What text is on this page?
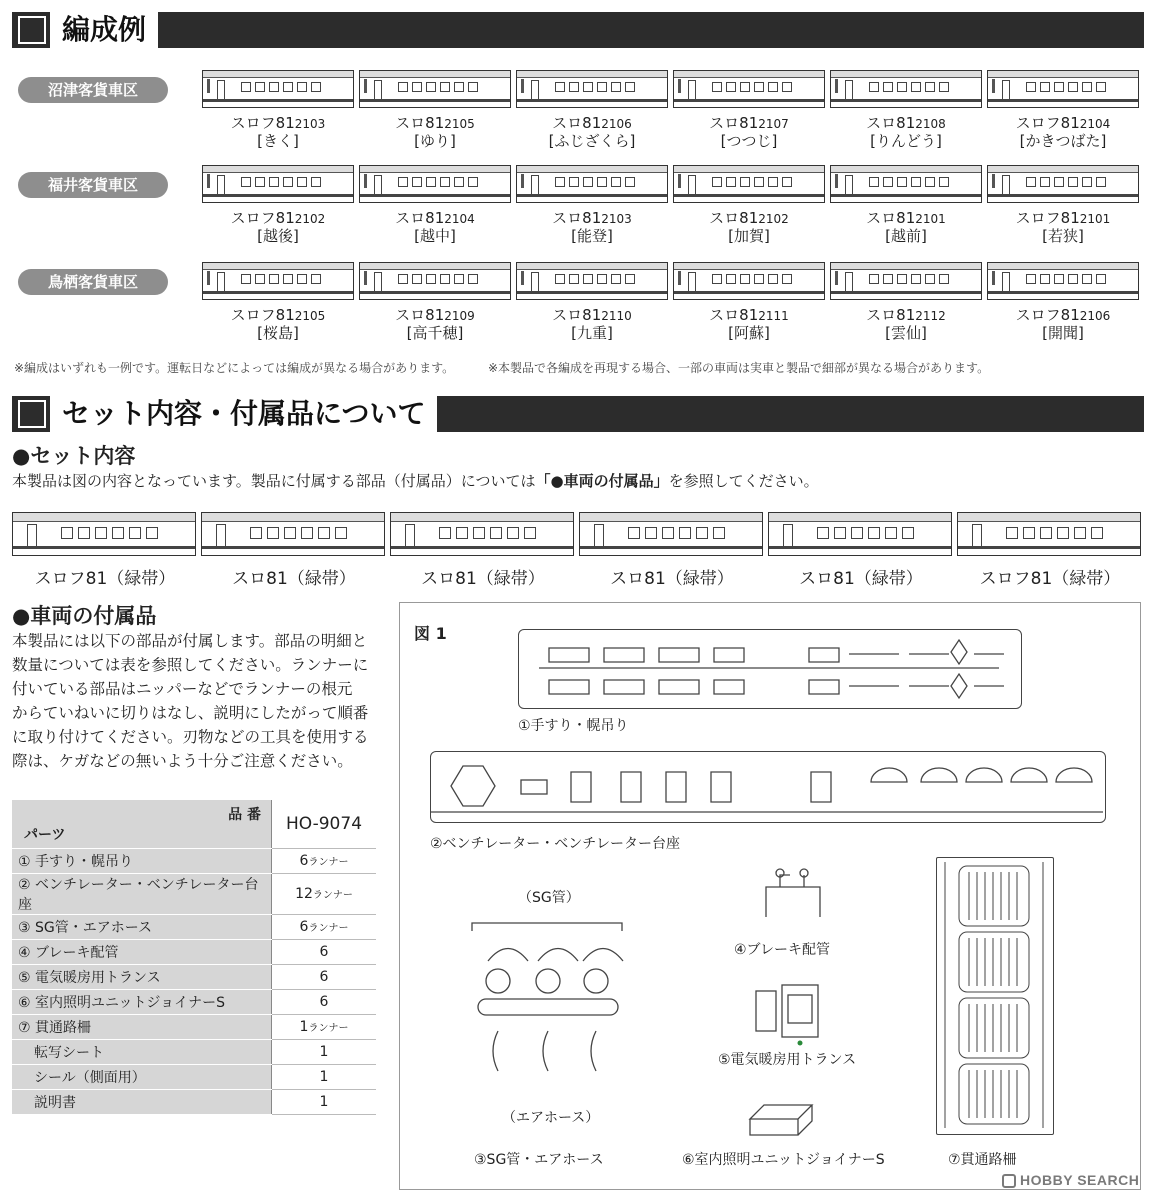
編成例
沼津客貨車区
スロフ812103
[きく]
スロ812105
[ゆり]
スロ812106
[ふじざくら]
スロ812107
[つつじ]
スロ812108
[りんどう]
スロフ812104
[かきつばた]
福井客貨車区
スロフ812102
[越後]
スロ812104
[越中]
スロ812103
[能登]
スロ812102
[加賀]
スロ812101
[越前]
スロフ812101
[若狭]
鳥栖客貨車区
スロフ812105
[桜島]
スロ812109
[高千穂]
スロ812110
[九重]
スロ812111
[阿蘇]
スロ812112
[雲仙]
スロフ812106
[開聞]
※編成はいずれも一例です。運転日などによっては編成が異なる場合があります。	※本製品で各編成を再現する場合、一部の車両は実車と製品で細部が異なる場合があります。
セット内容・付属品について
●セット内容
本製品は図の内容となっています。製品に付属する部品（付属品）については「●車両の付属品」を参照してください。
スロフ81（緑帯）	スロ81（緑帯）	スロ81（緑帯）	スロ81（緑帯）	スロ81（緑帯）	スロフ81（緑帯）
●車両の付属品
本製品には以下の部品が付属します。部品の明細と
数量については表を参照してください。ランナーに
付いている部品はニッパーなどでランナーの根元
からていねいに切りはなし、説明にしたがって順番
に取り付けてください。刃物などの工具を使用する
際は、ケガなどの無いよう十分ご注意ください。
品 番
パーツ	HO-9074
① 手すり・幌吊り	6ランナー
② ベンチレーター・ベンチレーター台座	12ランナー
③ SG管・エアホース	6ランナー
④ ブレーキ配管	6
⑤ 電気暖房用トランス	6
⑥ 室内照明ユニットジョイナーS	6
⑦ 貫通路柵	1ランナー
転写シート	1
シール（側面用）	1
説明書	1
図 1
①手すり・幌吊り
②ベンチレーター・ベンチレーター台座
（SG管）
（エアホース）
③SG管・エアホース
④ブレーキ配管
⑤電気暖房用トランス
⑥室内照明ユニットジョイナーS	⑦貫通路柵
HOBBY SEARCH
